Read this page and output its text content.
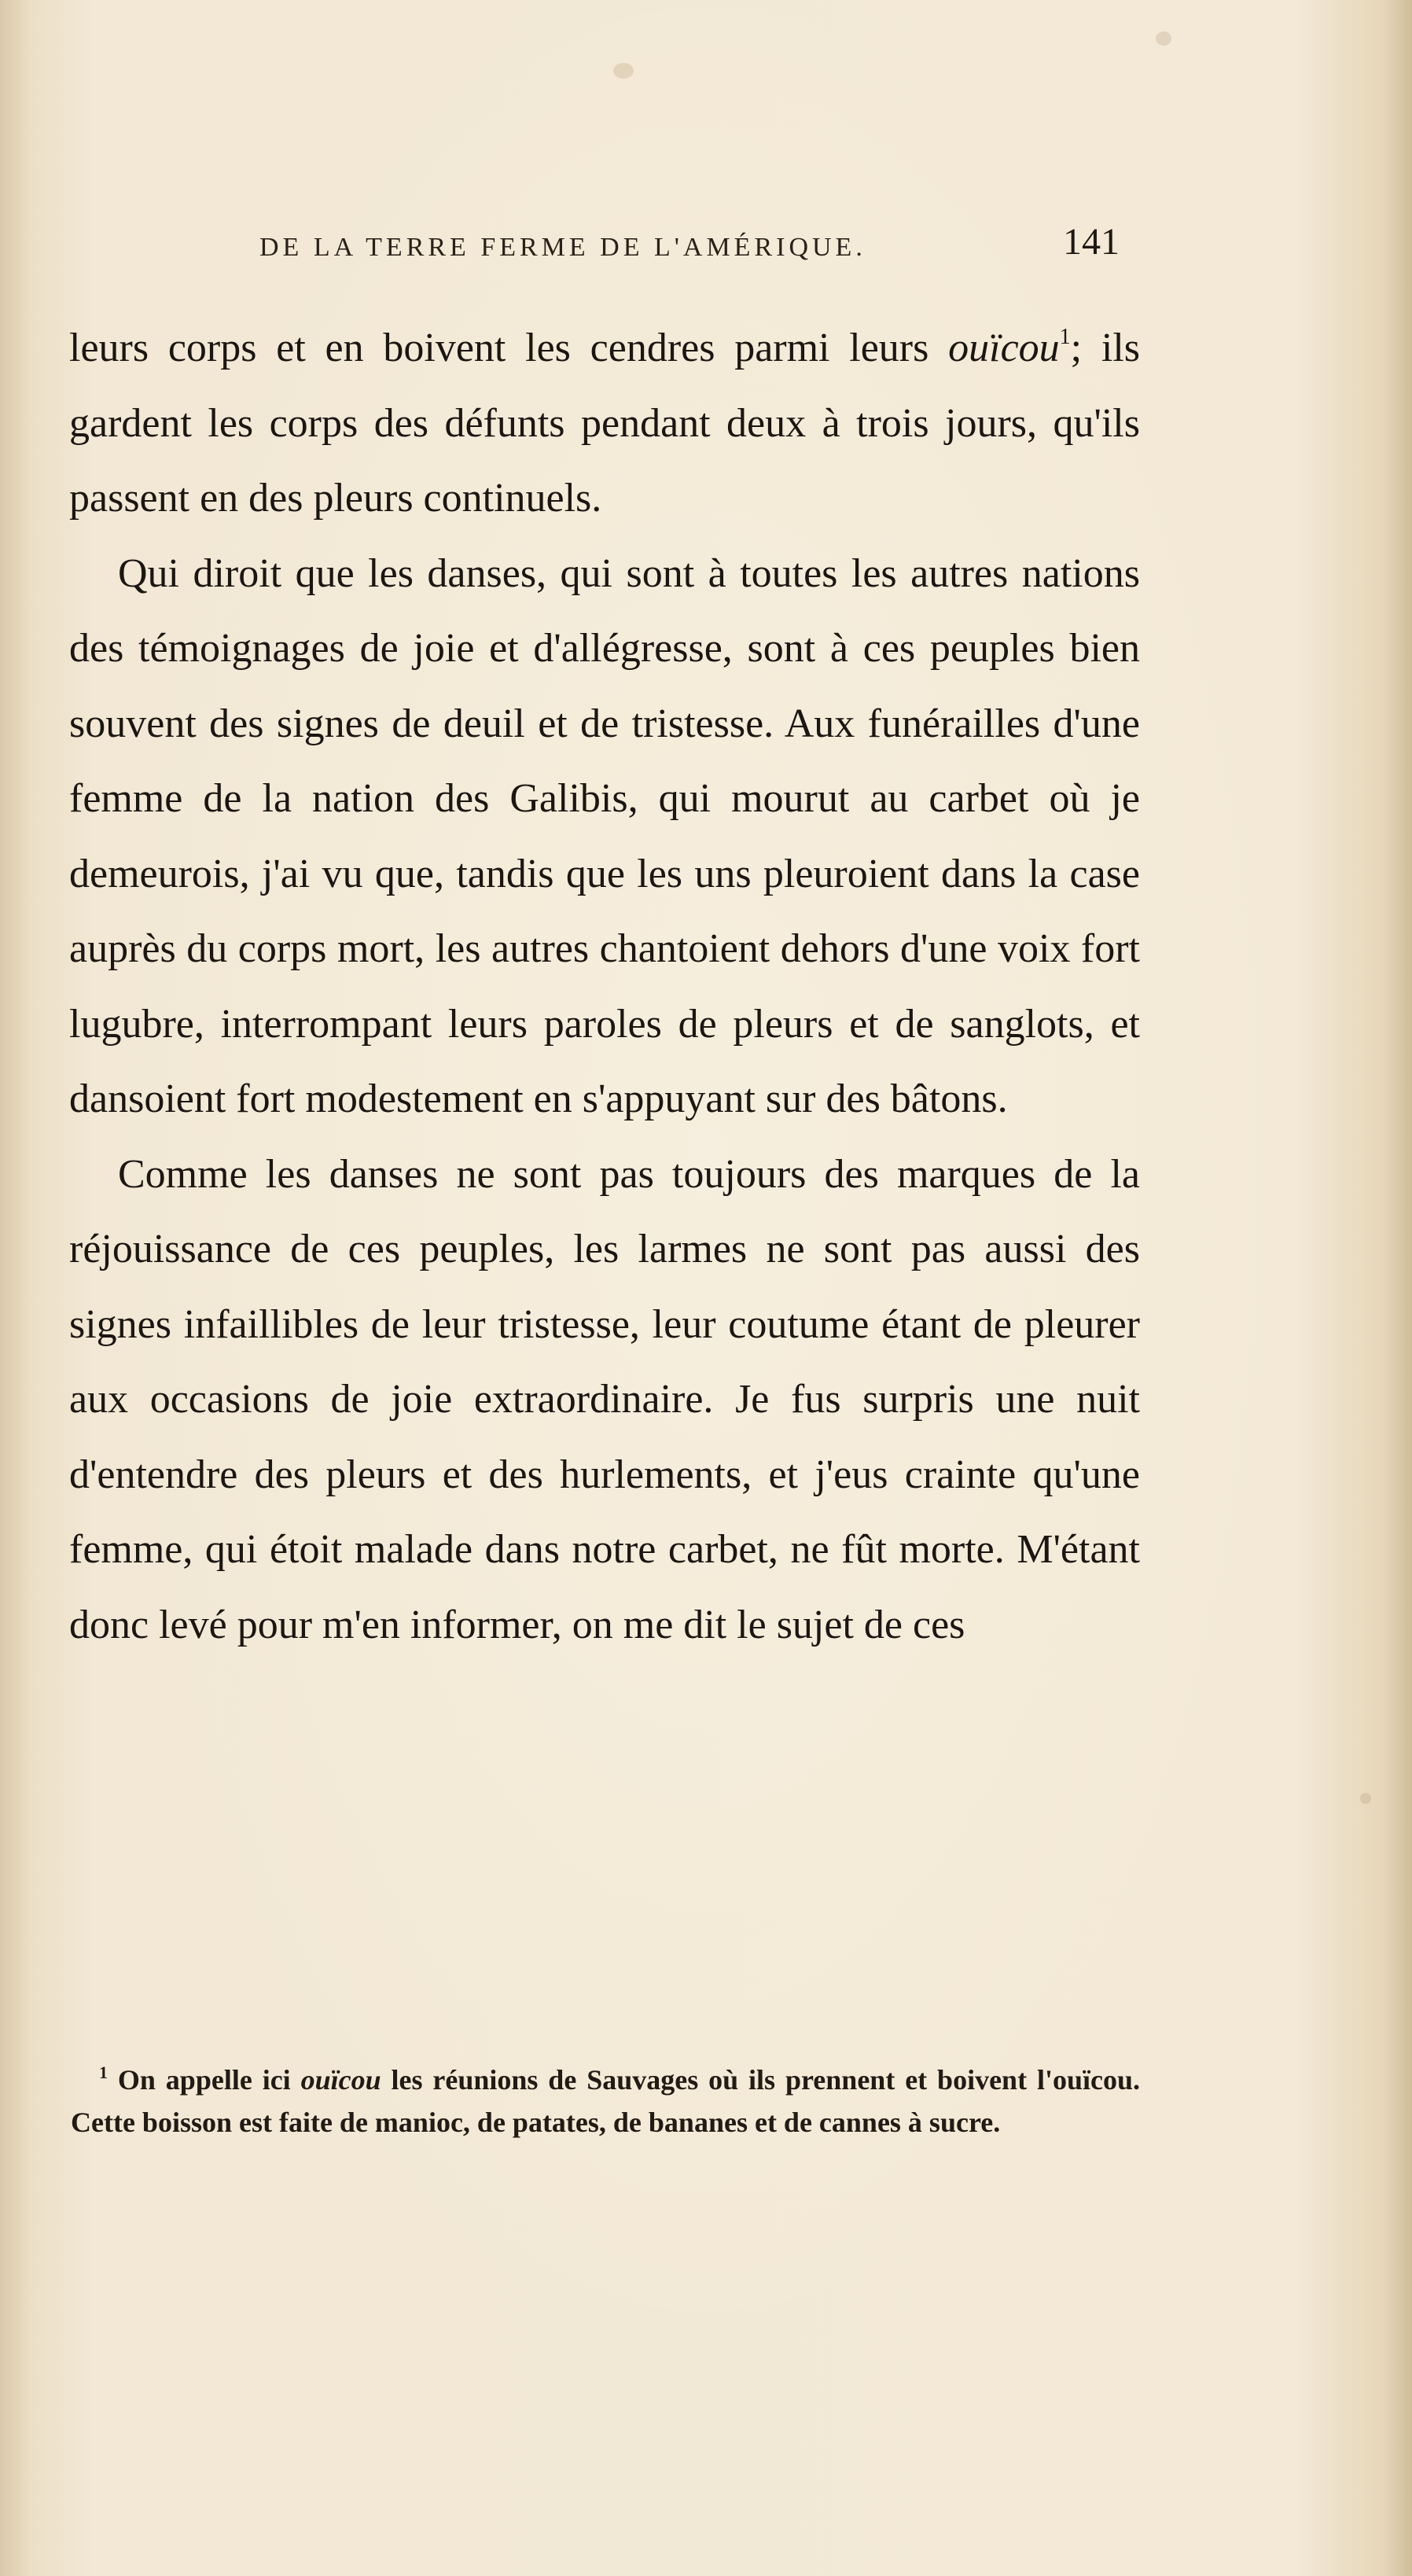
DE LA TERRE FERME DE L'AMÉRIQUE.	141

leurs corps et en boivent les cendres parmi leurs ouïcou$^1$; ils gardent les corps des défunts pendant deux à trois jours, qu'ils passent en des pleurs continuels.

Qui diroit que les danses, qui sont à toutes les autres nations des témoignages de joie et d'allégresse, sont à ces peuples bien souvent des signes de deuil et de tristesse. Aux funérailles d'une femme de la nation des Galibis, qui mourut au carbet où je demeurois, j'ai vu que, tandis que les uns pleuroient dans la case auprès du corps mort, les autres chantoient dehors d'une voix fort lugubre, interrompant leurs paroles de pleurs et de sanglots, et dansoient fort modestement en s'appuyant sur des bâtons.

Comme les danses ne sont pas toujours des marques de la réjouissance de ces peuples, les larmes ne sont pas aussi des signes infaillibles de leur tristesse, leur coutume étant de pleurer aux occasions de joie extraordinaire. Je fus surpris une nuit d'entendre des pleurs et des hurlements, et j'eus crainte qu'une femme, qui étoit malade dans notre carbet, ne fût morte. M'étant donc levé pour m'en informer, on me dit le sujet de ces

$^1$ On appelle ici ouïcou les réunions de Sauvages où ils prennent et boivent l'ouïcou. Cette boisson est faite de manioc, de patates, de bananes et de cannes à sucre.
